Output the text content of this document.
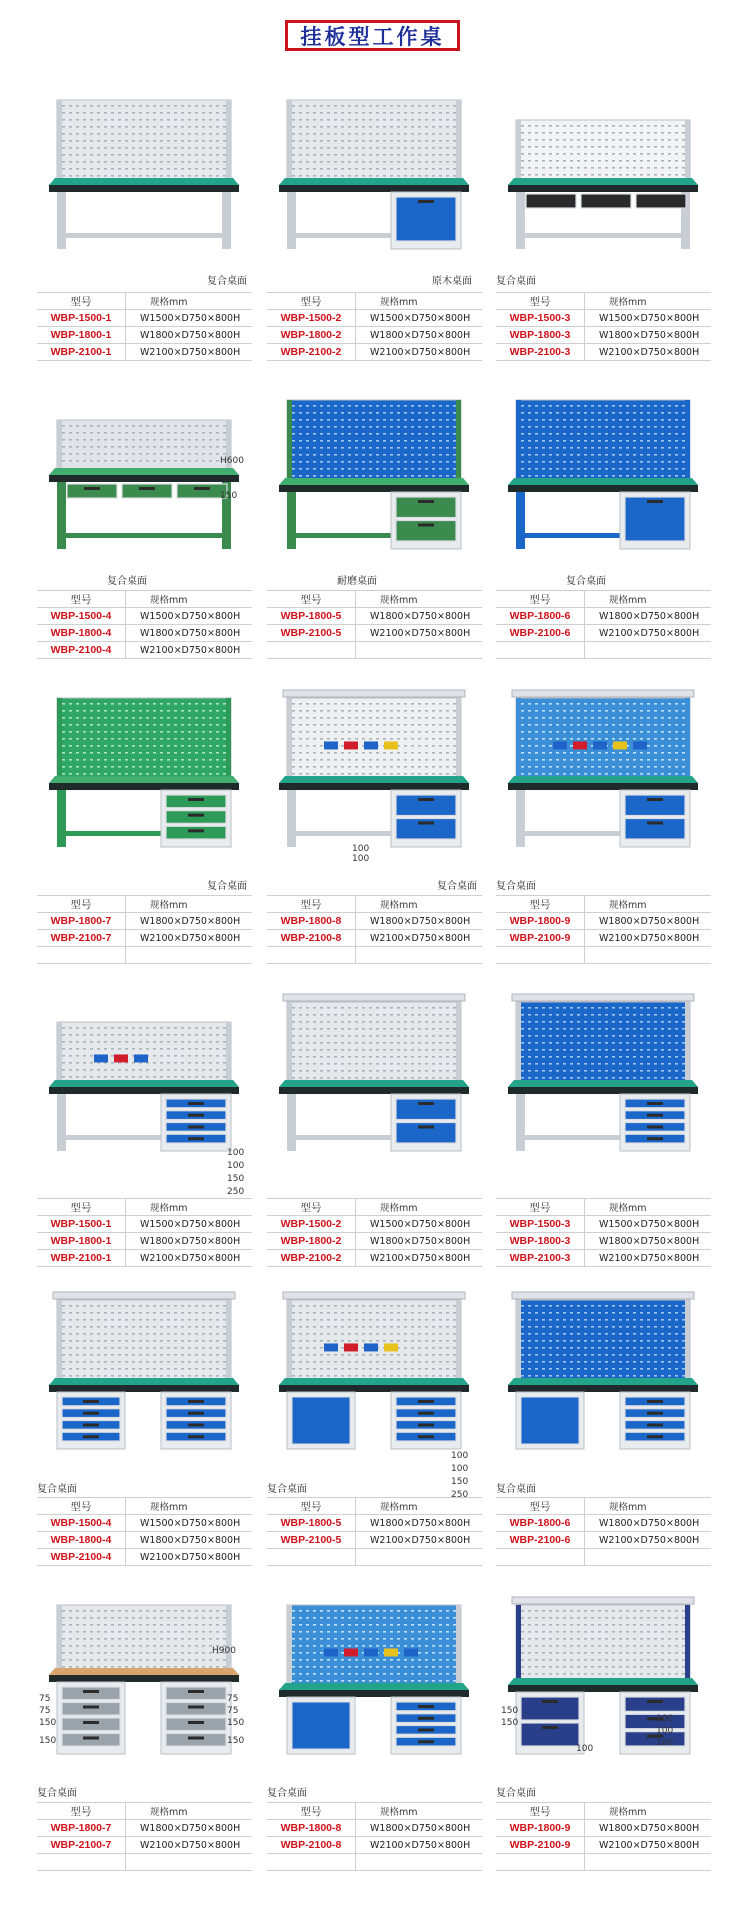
挂板型工作桌
复合桌面
型号	规格mm
WBP-1500-1	W1500×D750×800H
WBP-1800-1	W1800×D750×800H
WBP-2100-1	W2100×D750×800H
原木桌面
型号	规格mm
WBP-1500-2	W1500×D750×800H
WBP-1800-2	W1800×D750×800H
WBP-2100-2	W2100×D750×800H
复合桌面
型号	规格mm
WBP-1500-3	W1500×D750×800H
WBP-1800-3	W1800×D750×800H
WBP-2100-3	W2100×D750×800H
H600
150
复合桌面
型号	规格mm
WBP-1500-4	W1500×D750×800H
WBP-1800-4	W1800×D750×800H
WBP-2100-4	W2100×D750×800H
耐磨桌面
型号	规格mm
WBP-1800-5	W1800×D750×800H
WBP-2100-5	W2100×D750×800H

复合桌面
型号	规格mm
WBP-1800-6	W1800×D750×800H
WBP-2100-6	W2100×D750×800H

复合桌面
型号	规格mm
WBP-1800-7	W1800×D750×800H
WBP-2100-7	W2100×D750×800H

100
100
复合桌面
型号	规格mm
WBP-1800-8	W1800×D750×800H
WBP-2100-8	W2100×D750×800H

复合桌面
型号	规格mm
WBP-1800-9	W1800×D750×800H
WBP-2100-9	W2100×D750×800H

100
100
150
250
型号	规格mm
WBP-1500-1	W1500×D750×800H
WBP-1800-1	W1800×D750×800H
WBP-2100-1	W2100×D750×800H
型号	规格mm
WBP-1500-2	W1500×D750×800H
WBP-1800-2	W1800×D750×800H
WBP-2100-2	W2100×D750×800H
型号	规格mm
WBP-1500-3	W1500×D750×800H
WBP-1800-3	W1800×D750×800H
WBP-2100-3	W2100×D750×800H
复合桌面
型号	规格mm
WBP-1500-4	W1500×D750×800H
WBP-1800-4	W1800×D750×800H
WBP-2100-4	W2100×D750×800H
100
100
150
250
复合桌面
型号	规格mm
WBP-1800-5	W1800×D750×800H
WBP-2100-5	W2100×D750×800H

复合桌面
型号	规格mm
WBP-1800-6	W1800×D750×800H
WBP-2100-6	W2100×D750×800H

H900
75
75
150
150
75
75
150
150
复合桌面
型号	规格mm
WBP-1800-7	W1800×D750×800H
WBP-2100-7	W2100×D750×800H

复合桌面
型号	规格mm
WBP-1800-8	W1800×D750×800H
WBP-2100-8	W2100×D750×800H

150
150	100
100
100
100
复合桌面
型号	规格mm
WBP-1800-9	W1800×D750×800H
WBP-2100-9	W2100×D750×800H
